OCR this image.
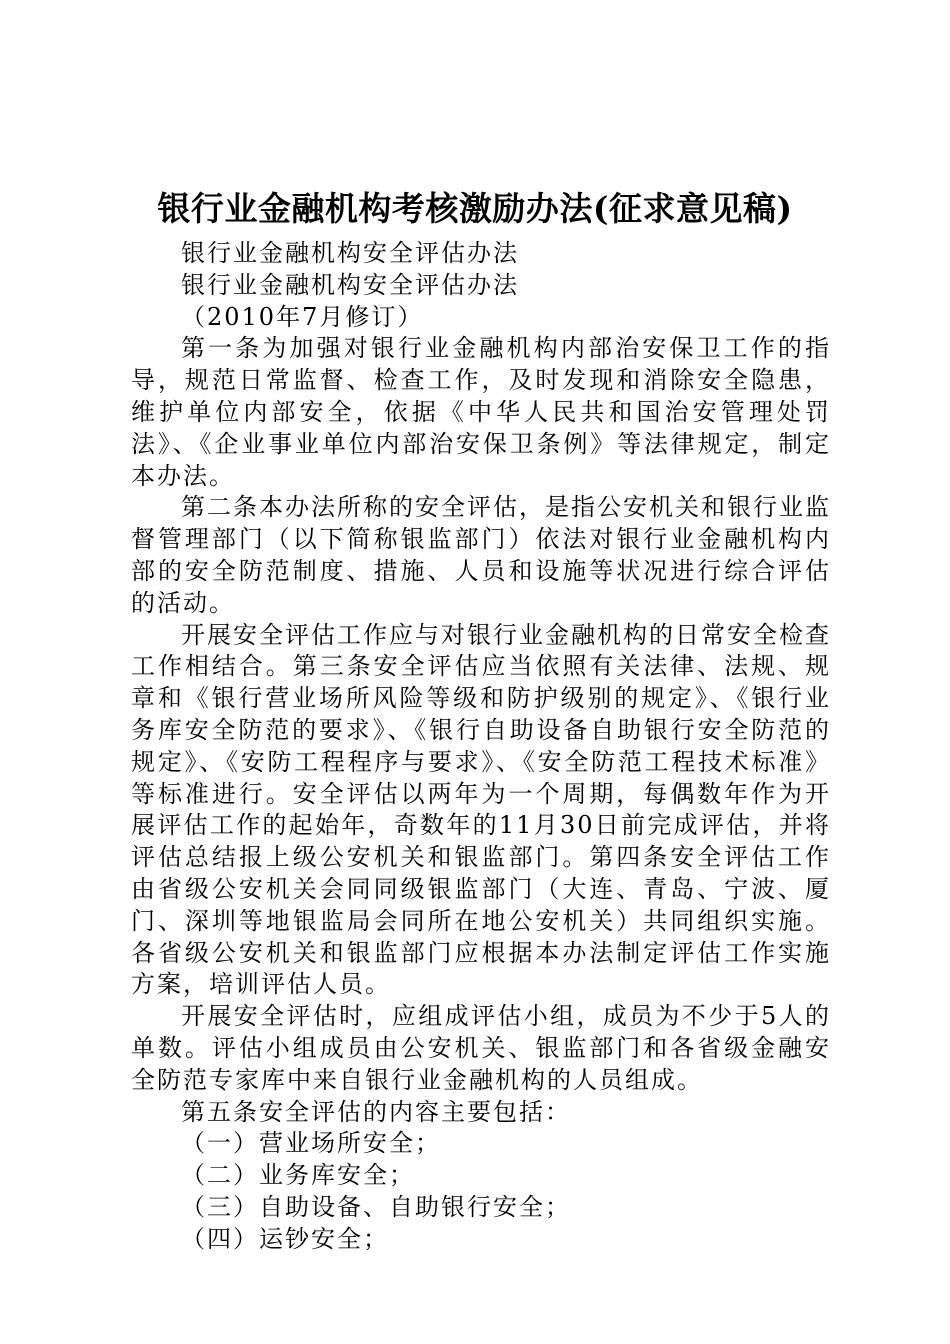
银行业金融机构考核激励办法(征求意见稿)

银行业金融机构安全评估办法

银行业金融机构安全评估办法

（2010年7月修订）

第一条为加强对银行业金融机构内部治安保卫工作的指导，规范日常监督、检查工作，及时发现和消除安全隐患，维护单位内部安全，依据《中华人民共和国治安管理处罚法》、《企业事业单位内部治安保卫条例》等法律规定，制定本办法。

第二条本办法所称的安全评估，是指公安机关和银行业监督管理部门（以下简称银监部门）依法对银行业金融机构内部的安全防范制度、措施、人员和设施等状况进行综合评估的活动。

开展安全评估工作应与对银行业金融机构的日常安全检查工作相结合。第三条安全评估应当依照有关法律、法规、规章和《银行营业场所风险等级和防护级别的规定》、《银行业务库安全防范的要求》、《银行自助设备自助银行安全防范的规定》、《安防工程程序与要求》、《安全防范工程技术标准》等标准进行。安全评估以两年为一个周期，每偶数年作为开展评估工作的起始年，奇数年的11月30日前完成评估，并将评估总结报上级公安机关和银监部门。第四条安全评估工作由省级公安机关会同同级银监部门（大连、青岛、宁波、厦门、深圳等地银监局会同所在地公安机关）共同组织实施。各省级公安机关和银监部门应根据本办法制定评估工作实施方案，培训评估人员。

开展安全评估时，应组成评估小组，成员为不少于5人的单数。评估小组成员由公安机关、银监部门和各省级金融安全防范专家库中来自银行业金融机构的人员组成。

第五条安全评估的内容主要包括：

（一）营业场所安全；

（二）业务库安全；

（三）自助设备、自助银行安全；

（四）运钞安全；
